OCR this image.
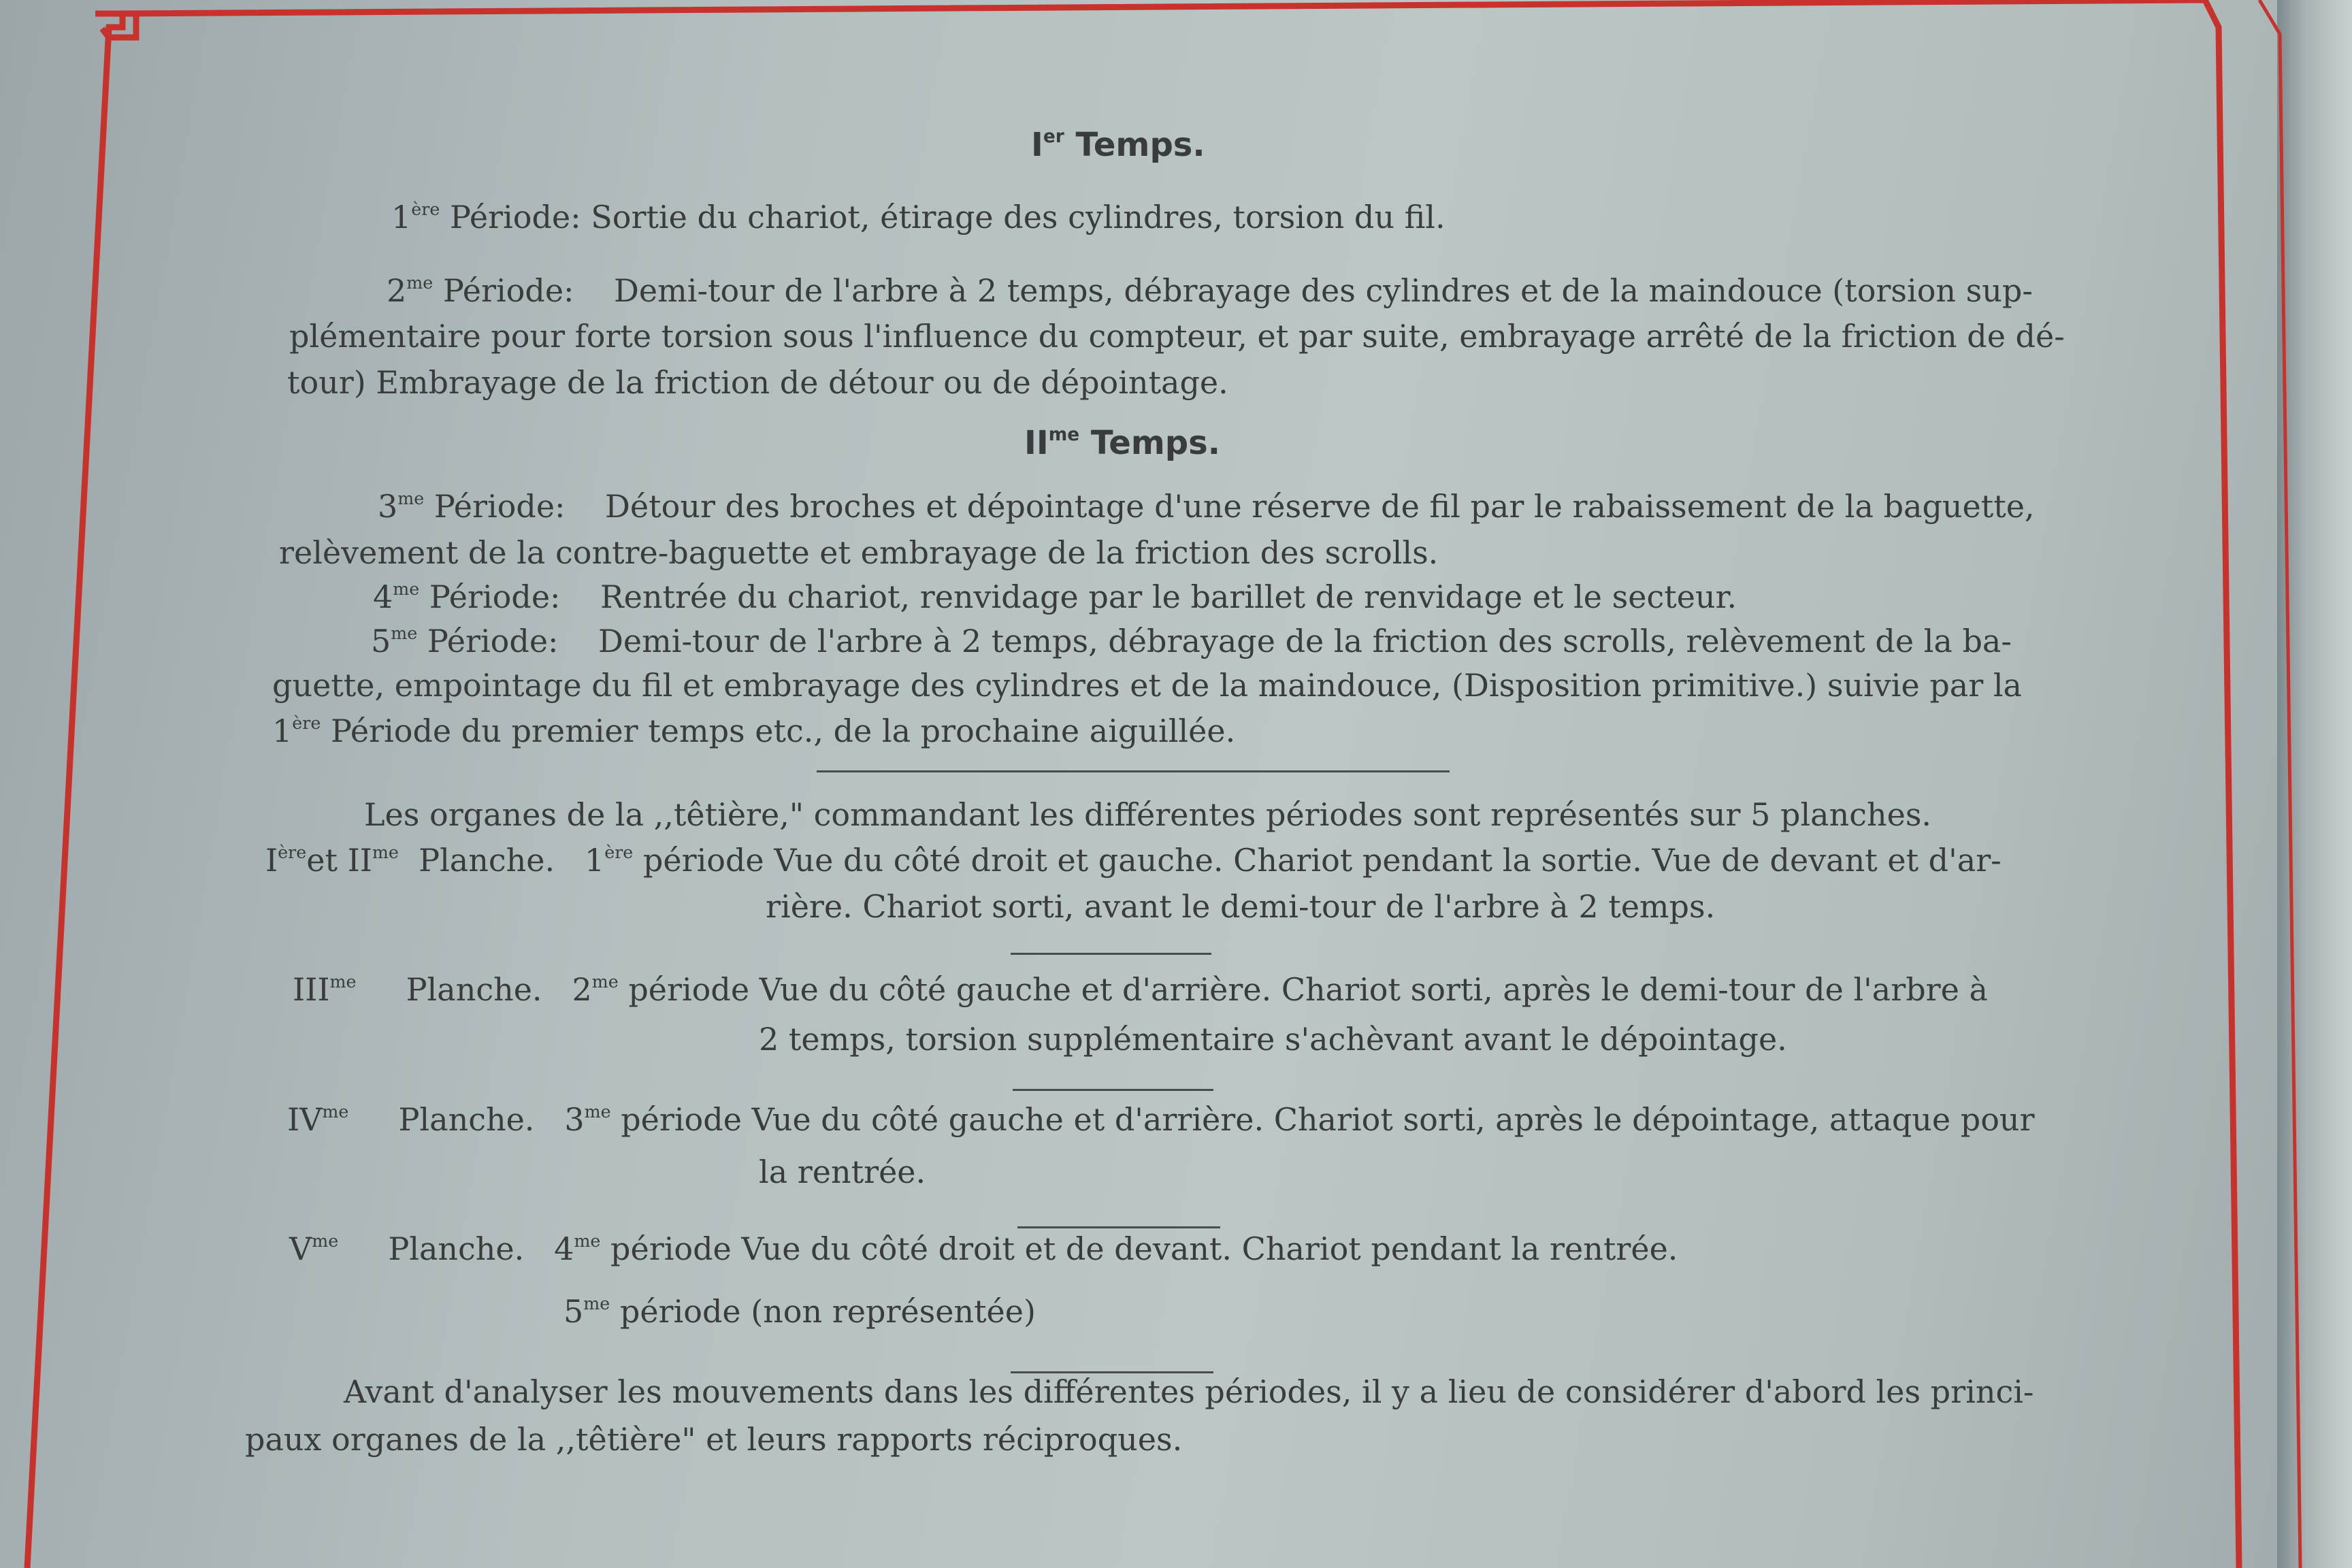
Ier Temps.
1ère Période: Sortie du chariot, étirage des cylindres, torsion du fil.
$2^{me}$ Période: Demi-tour de l'arbre à 2 temps, débrayage des cylindres et de la maindouce (torsion sup-
plémentaire pour forte torsion sous l'influence du compteur, et par suite, embrayage arrêté de la friction de dé-
tour) Embrayage de la friction de détour ou de dépointage.
$II^{me}$ Temps.
$3^{me}$ Période: Détour des broches et dépointage d'une réserve de fil par le rabaissement de la baguette,
relèvement de la contre-baguette et embrayage de la friction des scrolls.
$4^{me}$ Période: Rentrée du chariot, renvidage par le barillet de renvidage et le secteur.
$5^{me}$ Période: Demi-tour de l'arbre à 2 temps, débrayage de la friction des scrolls, relèvement de la ba-
guette, empointage du fil et embrayage des cylindres et de la maindouce, (Disposition primitive.) suivie par la
1ère Période du premier temps etc., de la prochaine aiguillée.
Les organes de la ,,têtière," commandant les différentes périodes sont représentés sur 5 planches.
Ièreet $II^{me}$ Planche. 1ère période Vue du côté droit et gauche. Chariot pendant la sortie. Vue de devant et d'ar-
rière. Chariot sorti, avant le demi-tour de l'arbre à 2 temps.
$III^{me}$ Planche. $2^{me}$ période Vue du côté gauche et d'arrière. Chariot sorti, après le demi-tour de l'arbre à
2 temps, torsion supplémentaire s'achèvant avant le dépointage.
$IV^{me}$ Planche. $3^{me}$ période Vue du côté gauche et d'arrière. Chariot sorti, après le dépointage, attaque pour
la rentrée.
$V^{me}$ Planche. $4^{me}$ période Vue du côté droit et de devant. Chariot pendant la rentrée.
$5^{me}$ période (non représentée)
Avant d'analyser les mouvements dans les différentes périodes, il y a lieu de considérer d'abord les princi-
paux organes de la ,,têtière" et leurs rapports réciproques.
